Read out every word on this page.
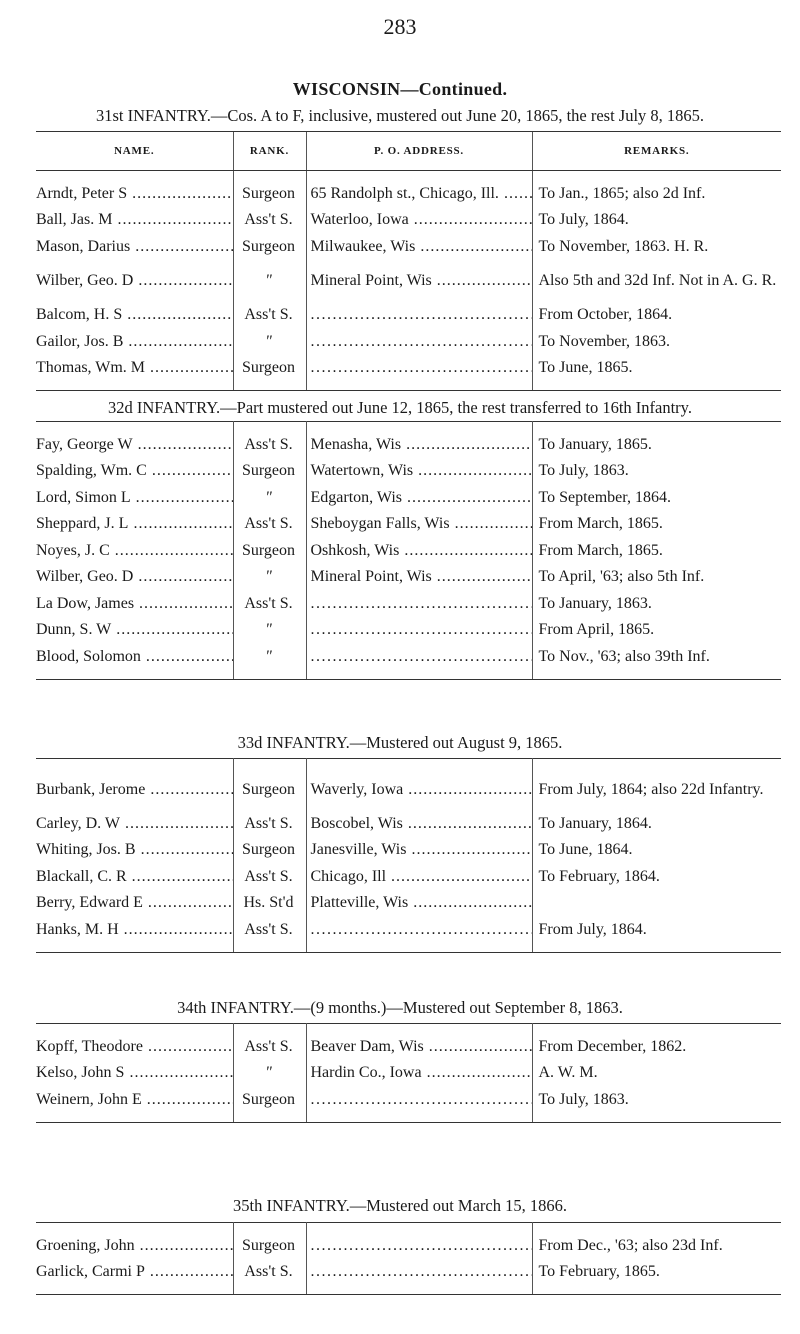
283
WISCONSIN—Continued.
31st INFANTRY.—Cos. A to F, inclusive, mustered out June 20, 1865, the rest July 8, 1865.
NAME.	RANK.	P. O. ADDRESS.	REMARKS.
Arndt, Peter S .....	Surgeon	65 Randolph st., Chicago, Ill. .....	To Jan., 1865; also 2d Inf.
Ball, Jas. M .....	Ass't S.	Waterloo, Iowa .....	To July, 1864.
Mason, Darius .....	Surgeon	Milwaukee, Wis .....	To November, 1863. H. R.
Wilber, Geo. D .....	"	Mineral Point, Wis .....	Also 5th and 32d Inf. Not in A. G. R.
Balcom, H. S .....	Ass't S.	.....	From October, 1864.
Gailor, Jos. B .....	"	.....	To November, 1863.
Thomas, Wm. M .....	Surgeon	.....	To June, 1865.
32d INFANTRY.—Part mustered out June 12, 1865, the rest transferred to 16th Infantry.
Fay, George W .....	Ass't S.	Menasha, Wis .....	To January, 1865.
Spalding, Wm. C .....	Surgeon	Watertown, Wis .....	To July, 1863.
Lord, Simon L .....	"	Edgarton, Wis .....	To September, 1864.
Sheppard, J. L .....	Ass't S.	Sheboygan Falls, Wis .....	From March, 1865.
Noyes, J. C .....	Surgeon	Oshkosh, Wis .....	From March, 1865.
Wilber, Geo. D .....	"	Mineral Point, Wis .....	To April, '63; also 5th Inf.
La Dow, James .....	Ass't S.	.....	To January, 1863.
Dunn, S. W .....	"	.....	From April, 1865.
Blood, Solomon .....	"	.....	To Nov., '63; also 39th Inf.
33d INFANTRY.—Mustered out August 9, 1865.
Burbank, Jerome .....	Surgeon	Waverly, Iowa .....	From July, 1864; also 22d Infantry.
Carley, D. W .....	Ass't S.	Boscobel, Wis .....	To January, 1864.
Whiting, Jos. B .....	Surgeon	Janesville, Wis .....	To June, 1864.
Blackall, C. R .....	Ass't S.	Chicago, Ill .....	To February, 1864.
Berry, Edward E .....	Hs. St'd	Platteville, Wis .....	
Hanks, M. H .....	Ass't S.	.....	From July, 1864.
34th INFANTRY.—(9 months.)—Mustered out September 8, 1863.
Kopff, Theodore .....	Ass't S.	Beaver Dam, Wis .....	From December, 1862.
Kelso, John S .....	"	Hardin Co., Iowa .....	A. W. M.
Weinern, John E .....	Surgeon	.....	To July, 1863.
35th INFANTRY.—Mustered out March 15, 1866.
Groening, John .....	Surgeon	.....	From Dec., '63; also 23d Inf.
Garlick, Carmi P .....	Ass't S.	.....	To February, 1865.
